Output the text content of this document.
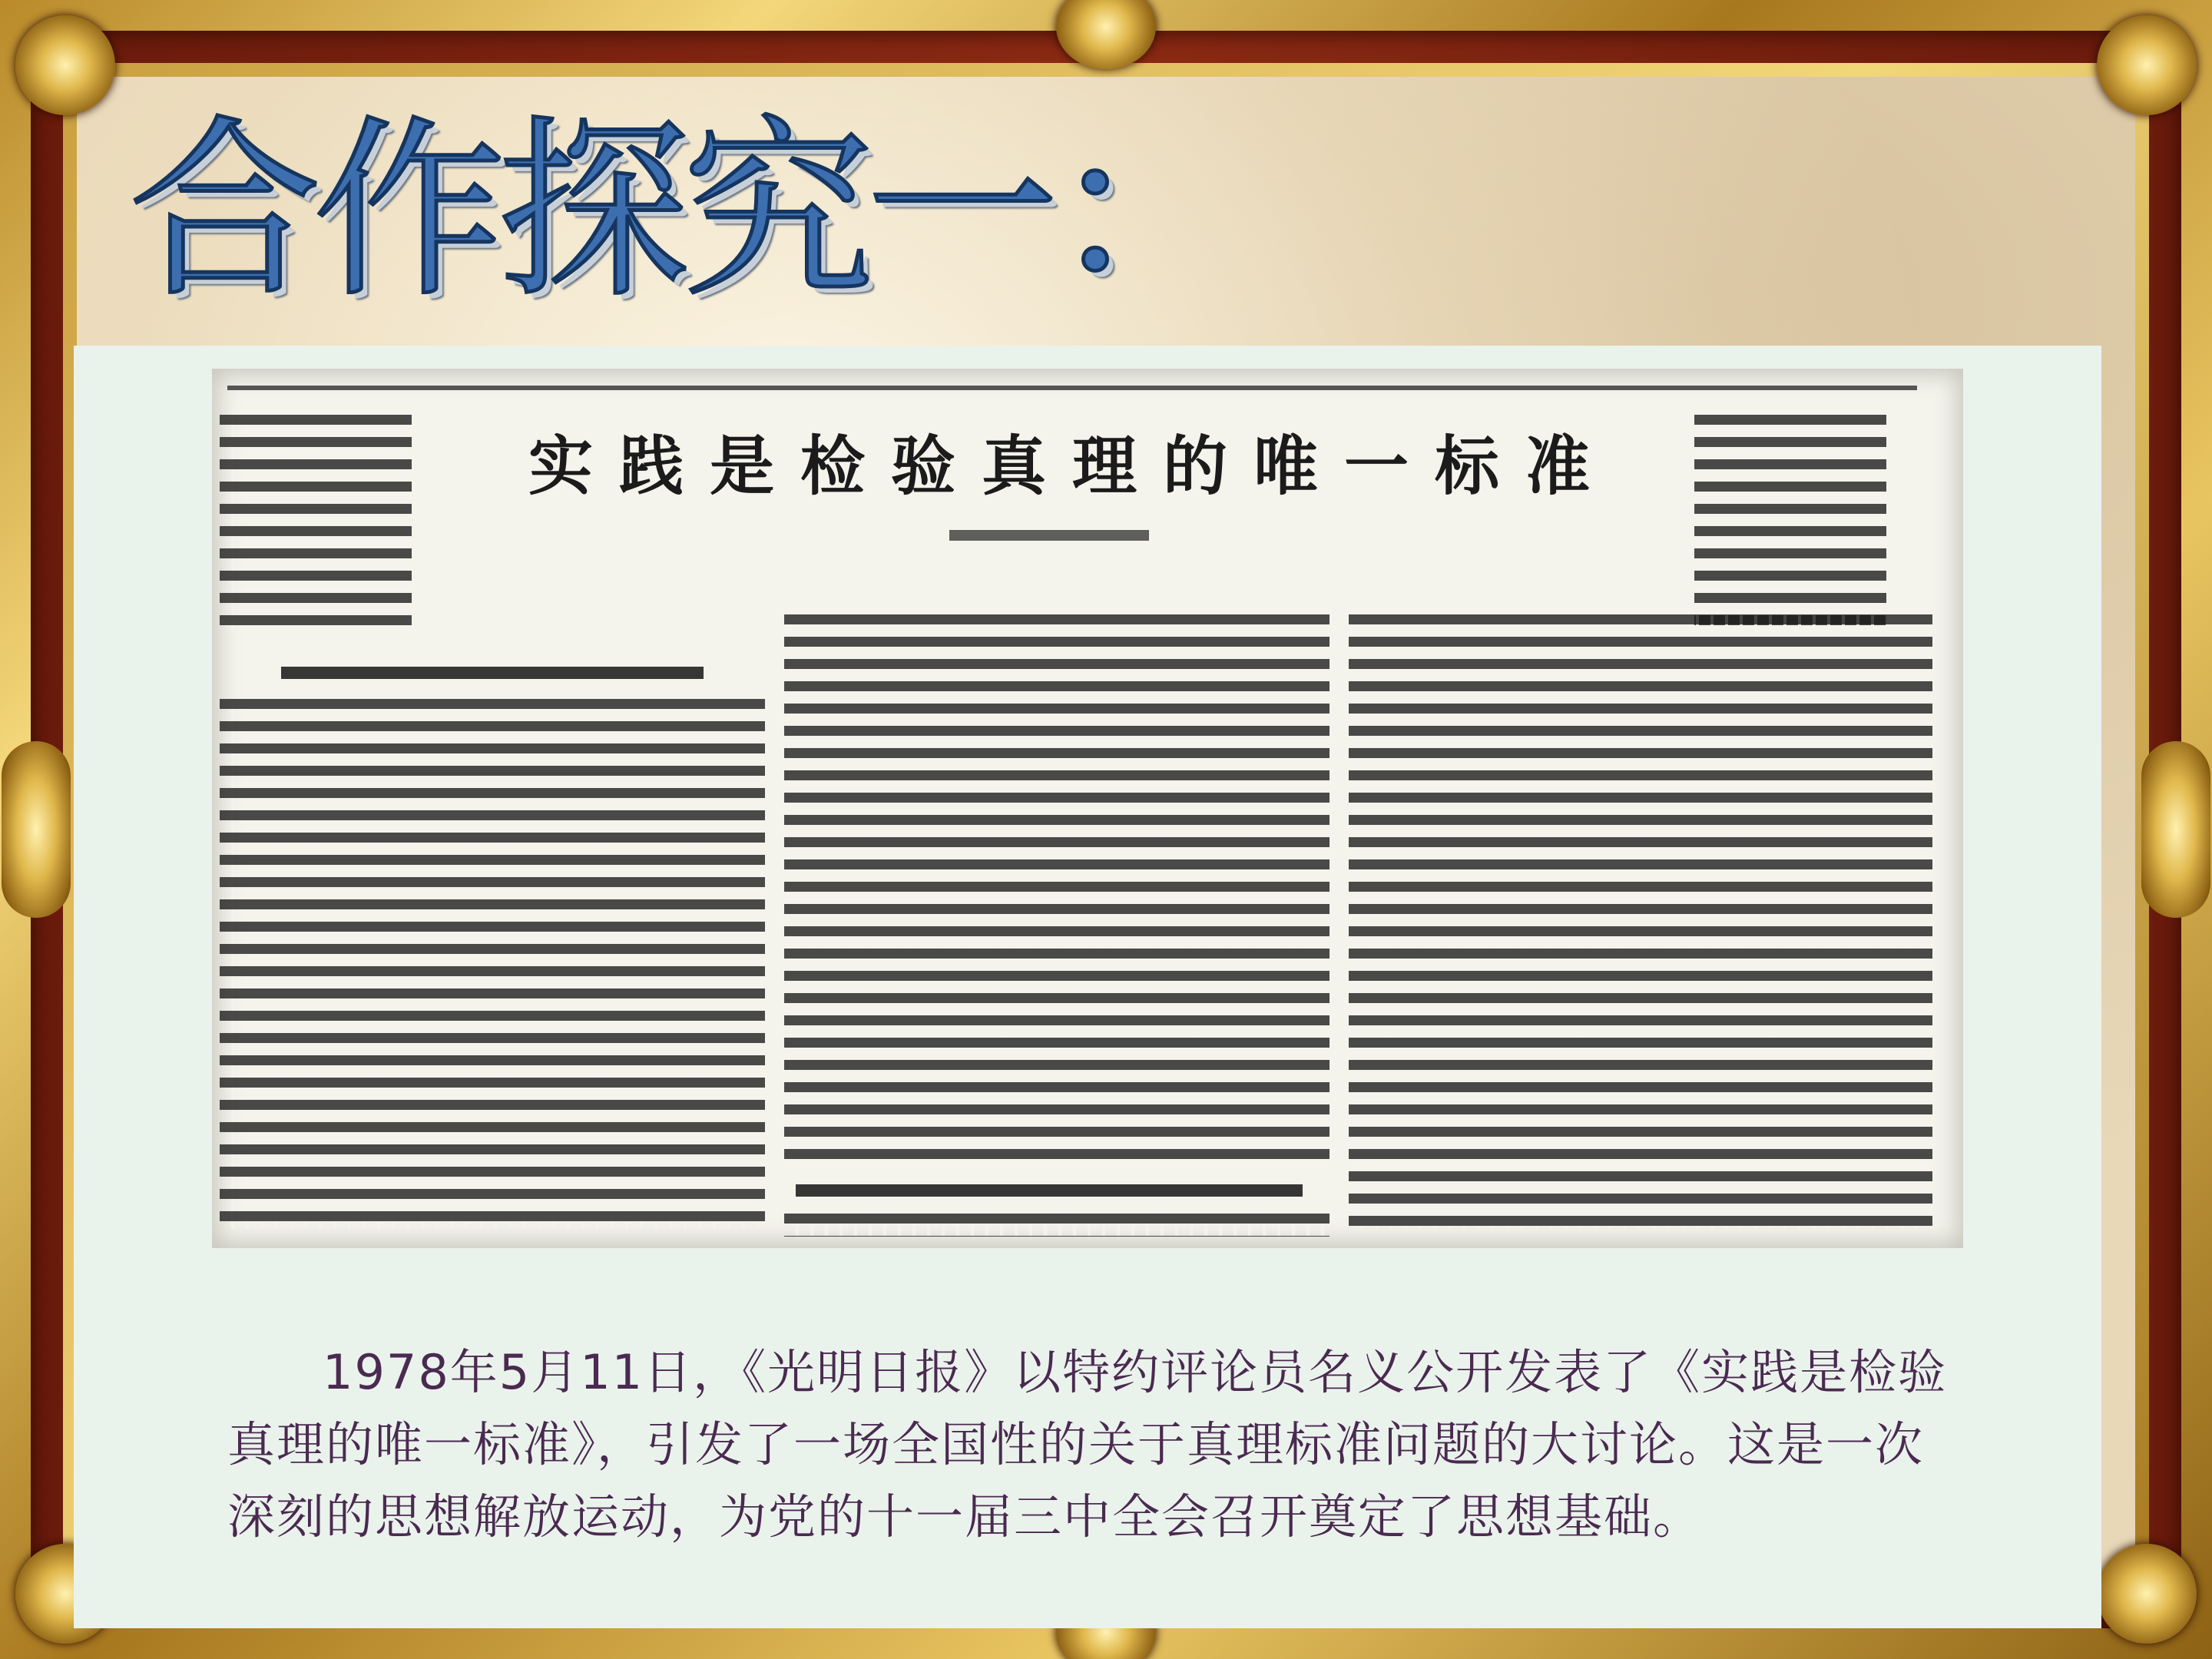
合作探究一：
实践是检验真理的唯一标准

1978年5月11日，《光明日报》以特约评论员名义公开发表了《实践是检验真理的唯一标准》，引发了一场全国性的关于真理标准问题的大讨论。这是一次深刻的思想解放运动，为党的十一届三中全会召开奠定了思想基础。
